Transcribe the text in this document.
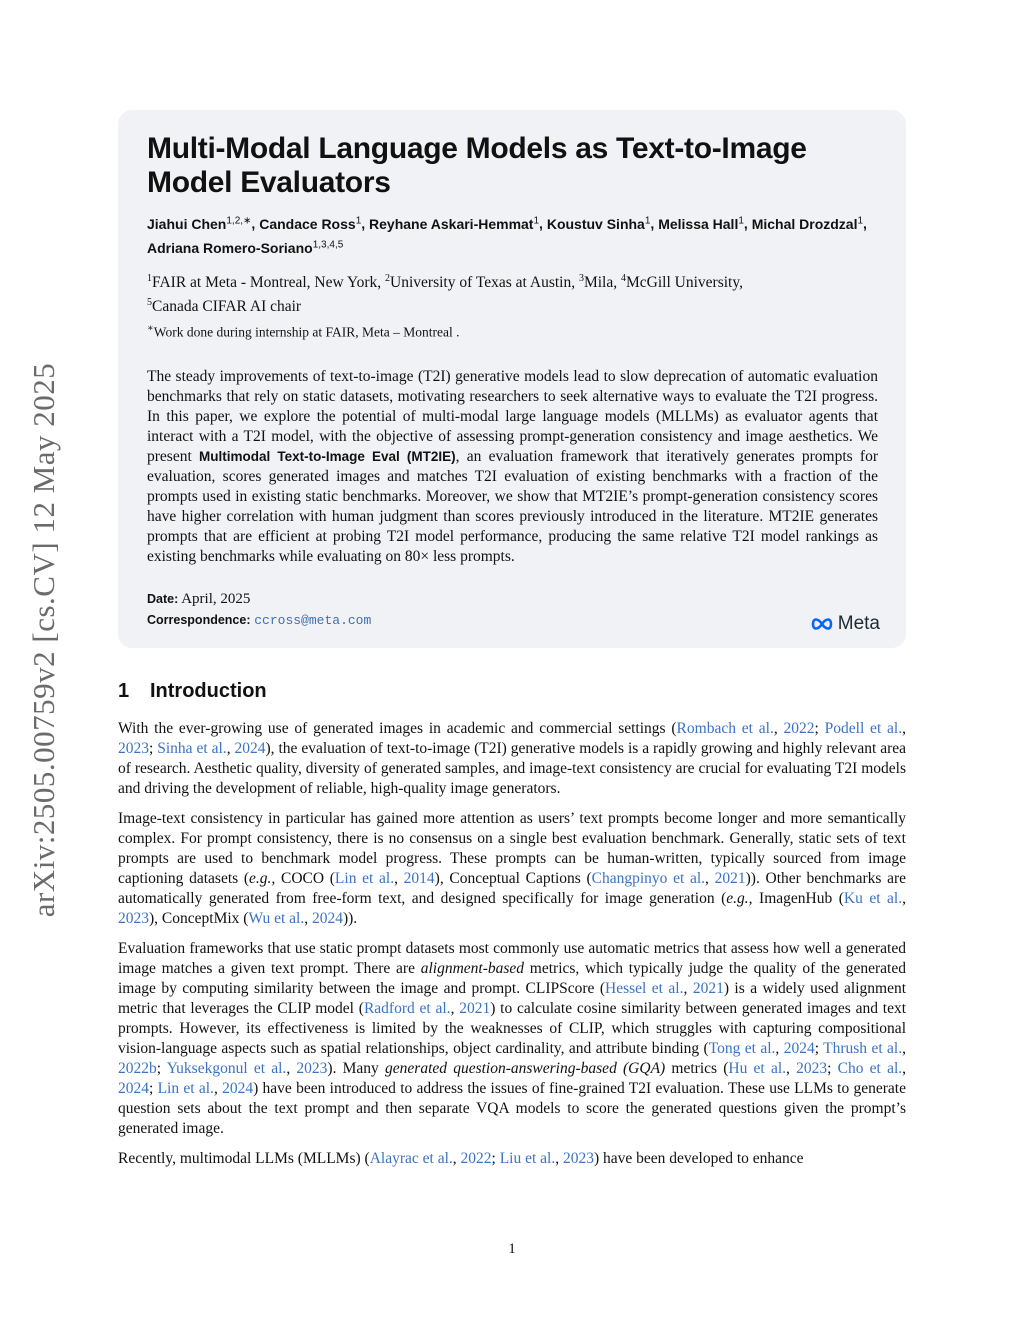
arXiv:2505.00759v2 [cs.CV] 12 May 2025
Multi-Modal Language Models as Text-to-Image
Model Evaluators
Jiahui Chen$^{1,2,∗}$, Candace Ross$^1$, Reyhane Askari-Hemmat$^1$, Koustuv Sinha$^1$, Melissa Hall$^1$, Michal Drozdzal$^1$, Adriana Romero-Soriano$^{1,3,4,5}$
$^1$FAIR at Meta - Montreal, New York, $^2$University of Texas at Austin, $^3$Mila, $^4$McGill University,
$^5$Canada CIFAR AI chair
∗Work done during internship at FAIR, Meta – Montreal .
The steady improvements of text-to-image (T2I) generative models lead to slow deprecation of automatic evaluation benchmarks that rely on static datasets, motivating researchers to seek alternative ways to evaluate the T2I progress. In this paper, we explore the potential of multi-modal large language models (MLLMs) as evaluator agents that interact with a T2I model, with the objective of assessing prompt-generation consistency and image aesthetics. We present Multimodal Text-to-Image Eval (MT2IE), an evaluation framework that iteratively generates prompts for evaluation, scores generated images and matches T2I evaluation of existing benchmarks with a fraction of the prompts used in existing static benchmarks. Moreover, we show that MT2IE’s prompt-generation consistency scores have higher correlation with human judgment than scores previously introduced in the literature. MT2IE generates prompts that are efficient at probing T2I model performance, producing the same relative T2I model rankings as existing benchmarks while evaluating on 80× less prompts.
Date: April, 2025
Correspondence: ccross@meta.com	Meta
1 Introduction

With the ever-growing use of generated images in academic and commercial settings (Rombach et al., 2022; Podell et al., 2023; Sinha et al., 2024), the evaluation of text-to-image (T2I) generative models is a rapidly growing and highly relevant area of research. Aesthetic quality, diversity of generated samples, and image-text consistency are crucial for evaluating T2I models and driving the development of reliable, high-quality image generators.

Image-text consistency in particular has gained more attention as users’ text prompts become longer and more semantically complex. For prompt consistency, there is no consensus on a single best evaluation benchmark. Generally, static sets of text prompts are used to benchmark model progress. These prompts can be human-written, typically sourced from image captioning datasets (e.g., COCO (Lin et al., 2014), Conceptual Captions (Changpinyo et al., 2021)). Other benchmarks are automatically generated from free-form text, and designed specifically for image generation (e.g., ImagenHub (Ku et al., 2023), ConceptMix (Wu et al., 2024)).

Evaluation frameworks that use static prompt datasets most commonly use automatic metrics that assess how well a generated image matches a given text prompt. There are alignment-based metrics, which typically judge the quality of the generated image by computing similarity between the image and prompt. CLIPScore (Hessel et al., 2021) is a widely used alignment metric that leverages the CLIP model (Radford et al., 2021) to calculate cosine similarity between generated images and text prompts. However, its effectiveness is limited by the weaknesses of CLIP, which struggles with capturing compositional vision-language aspects such as spatial relationships, object cardinality, and attribute binding (Tong et al., 2024; Thrush et al., 2022b; Yuksekgonul et al., 2023). Many generated question-answering-based (GQA) metrics (Hu et al., 2023; Cho et al., 2024; Lin et al., 2024) have been introduced to address the issues of fine-grained T2I evaluation. These use LLMs to generate question sets about the text prompt and then separate VQA models to score the generated questions given the prompt’s generated image.

Recently, multimodal LLMs (MLLMs) (Alayrac et al., 2022; Liu et al., 2023) have been developed to enhance

1
